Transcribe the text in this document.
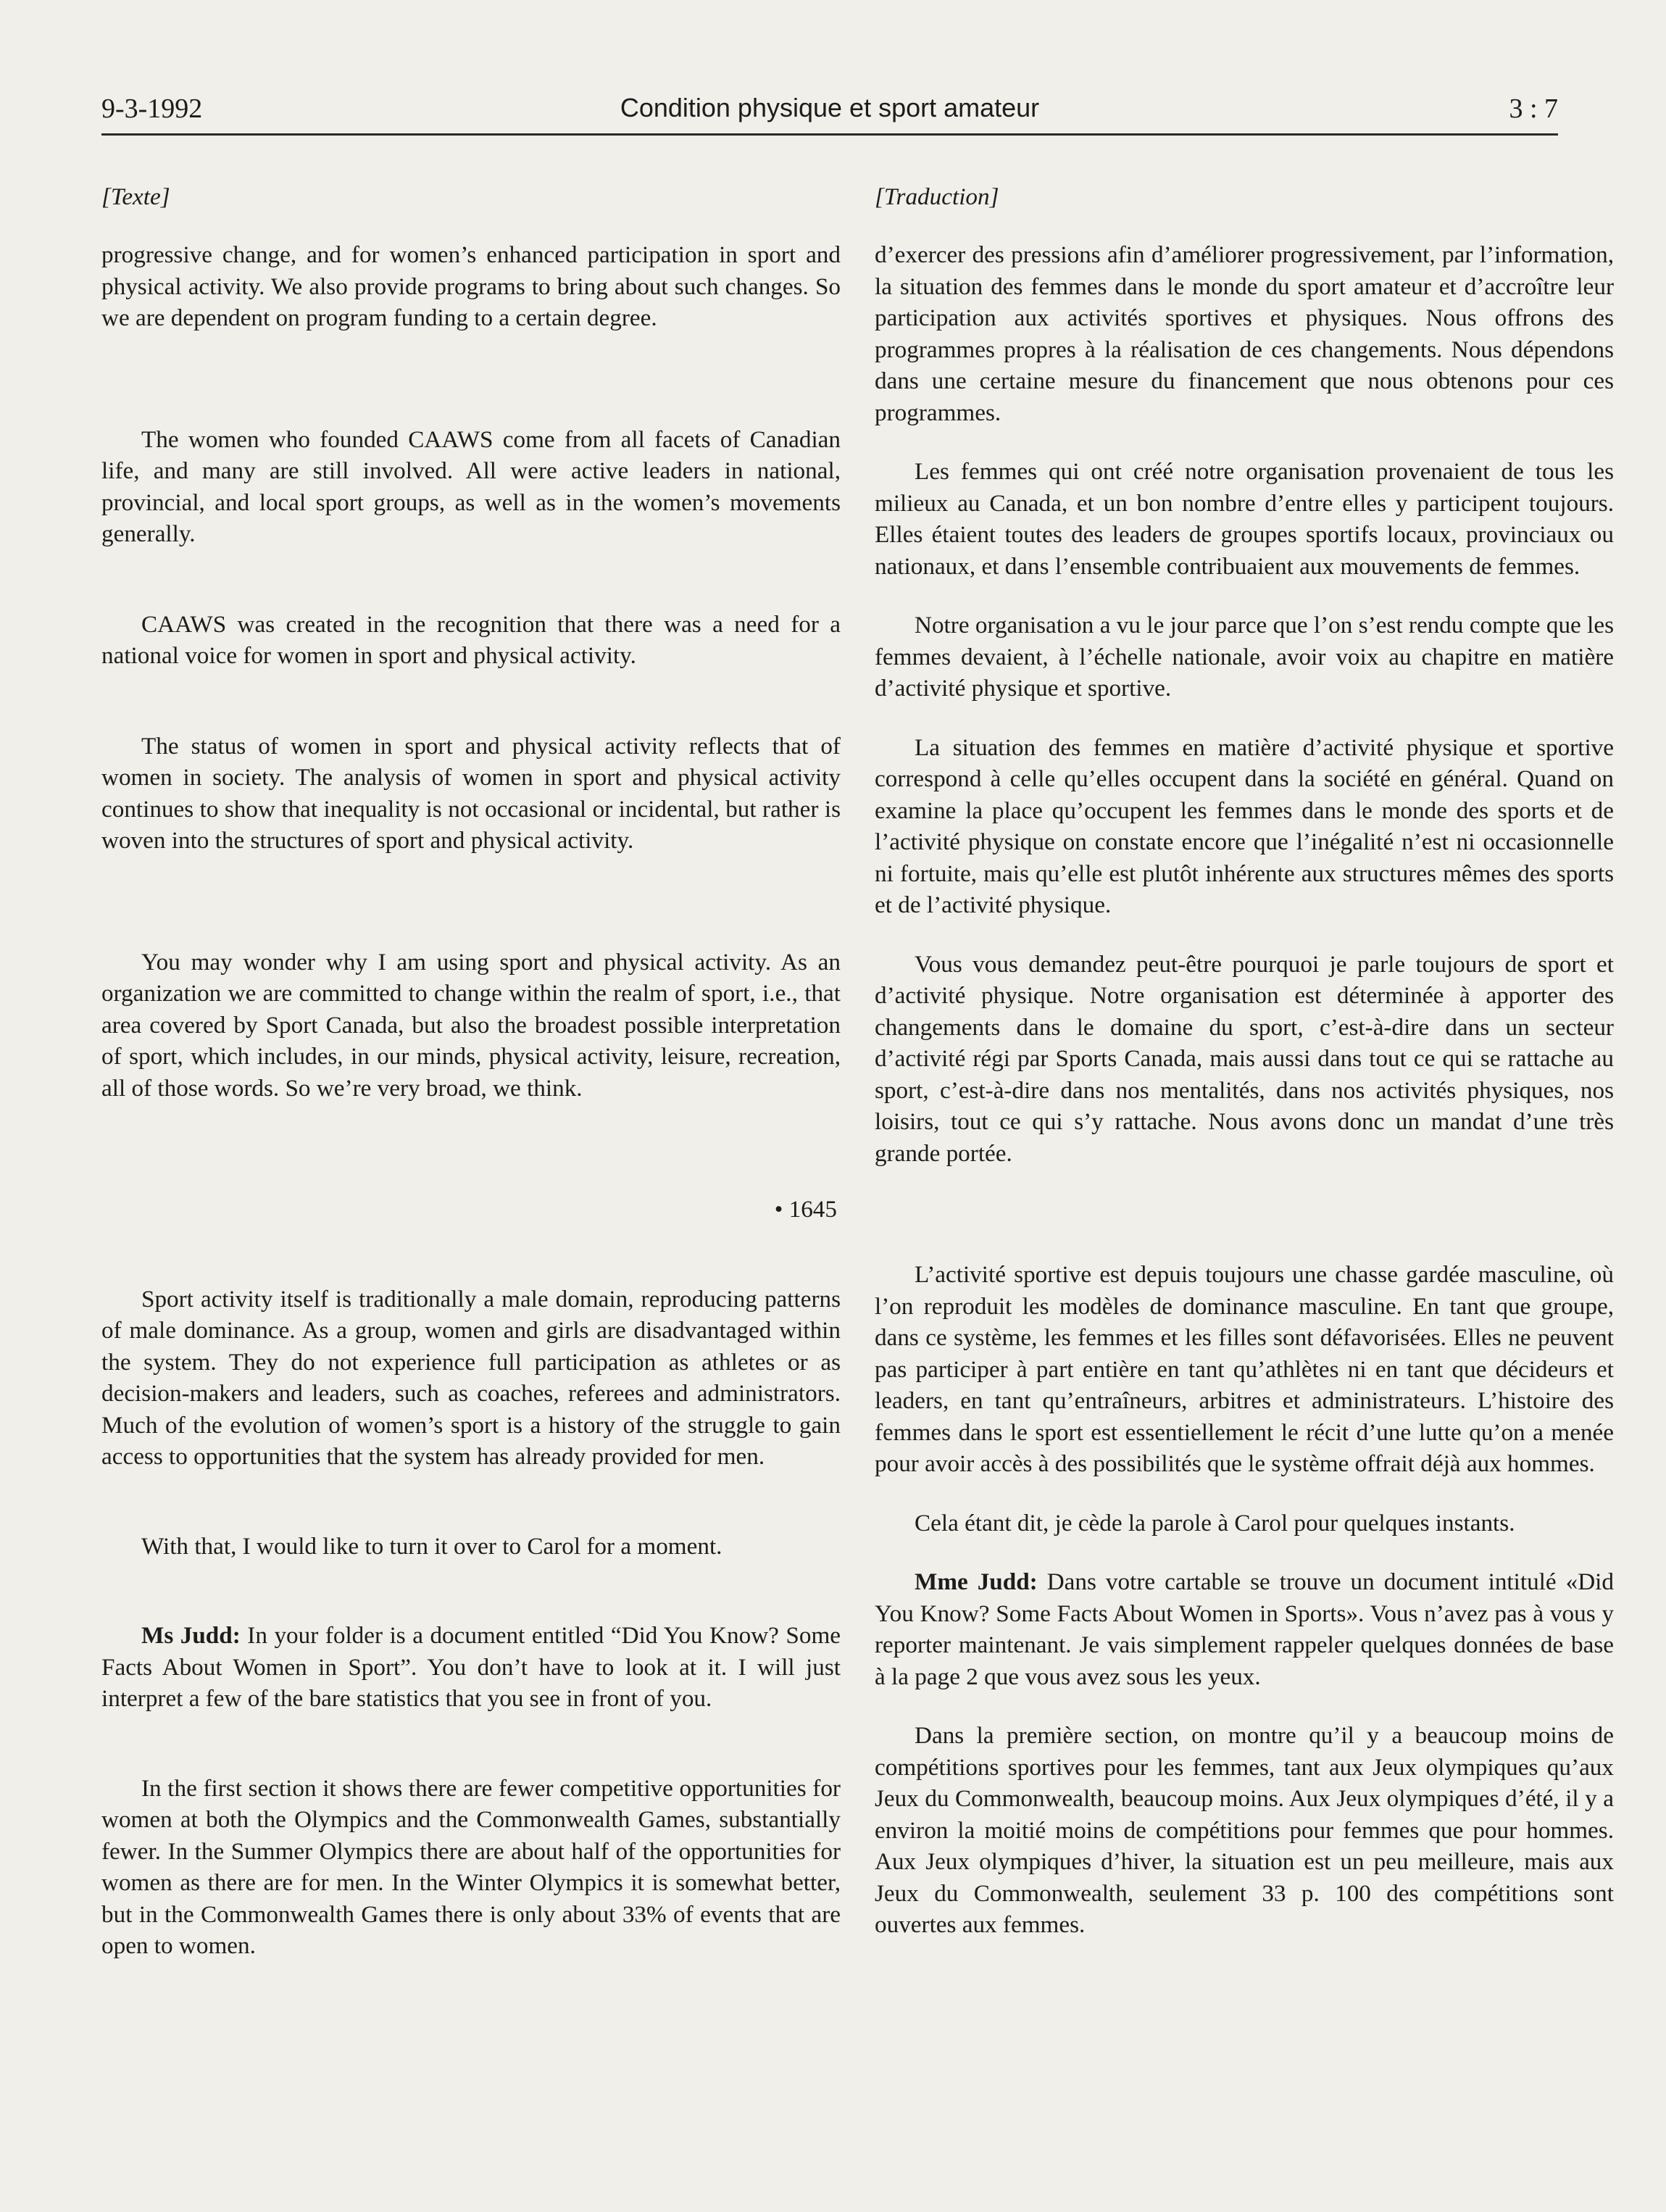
9-3-1992	Condition physique et sport amateur	3 : 7
[Texte]

progressive change, and for women’s enhanced participation in sport and physical activity. We also provide programs to bring about such changes. So we are dependent on program funding to a certain degree.

The women who founded CAAWS come from all facets of Canadian life, and many are still involved. All were active leaders in national, provincial, and local sport groups, as well as in the women’s movements generally.

CAAWS was created in the recognition that there was a need for a national voice for women in sport and physical activity.

The status of women in sport and physical activity reflects that of women in society. The analysis of women in sport and physical activity continues to show that inequality is not occasional or incidental, but rather is woven into the structures of sport and physical activity.

You may wonder why I am using sport and physical activity. As an organization we are committed to change within the realm of sport, i.e., that area covered by Sport Canada, but also the broadest possible interpretation of sport, which includes, in our minds, physical activity, leisure, recreation, all of those words. So we’re very broad, we think.

• 1645

Sport activity itself is traditionally a male domain, reproducing patterns of male dominance. As a group, women and girls are disadvantaged within the system. They do not experience full participation as athletes or as decision-makers and leaders, such as coaches, referees and administrators. Much of the evolution of women’s sport is a history of the struggle to gain access to opportunities that the system has already provided for men.

With that, I would like to turn it over to Carol for a moment.

Ms Judd: In your folder is a document entitled “Did You Know? Some Facts About Women in Sport”. You don’t have to look at it. I will just interpret a few of the bare statistics that you see in front of you.

In the first section it shows there are fewer competitive opportunities for women at both the Olympics and the Commonwealth Games, substantially fewer. In the Summer Olympics there are about half of the opportunities for women as there are for men. In the Winter Olympics it is somewhat better, but in the Commonwealth Games there is only about 33% of events that are open to women.

[Traduction]

d’exercer des pressions afin d’améliorer progressivement, par l’information, la situation des femmes dans le monde du sport amateur et d’accroître leur participation aux activités sportives et physiques. Nous offrons des programmes propres à la réalisation de ces changements. Nous dépendons dans une certaine mesure du financement que nous obtenons pour ces programmes.

Les femmes qui ont créé notre organisation provenaient de tous les milieux au Canada, et un bon nombre d’entre elles y participent toujours. Elles étaient toutes des leaders de groupes sportifs locaux, provinciaux ou nationaux, et dans l’ensemble contribuaient aux mouvements de femmes.

Notre organisation a vu le jour parce que l’on s’est rendu compte que les femmes devaient, à l’échelle nationale, avoir voix au chapitre en matière d’activité physique et sportive.

La situation des femmes en matière d’activité physique et sportive correspond à celle qu’elles occupent dans la société en général. Quand on examine la place qu’occupent les femmes dans le monde des sports et de l’activité physique on constate encore que l’inégalité n’est ni occasionnelle ni fortuite, mais qu’elle est plutôt inhérente aux structures mêmes des sports et de l’activité physique.

Vous vous demandez peut-être pourquoi je parle toujours de sport et d’activité physique. Notre organisation est déterminée à apporter des changements dans le domaine du sport, c’est-à-dire dans un secteur d’activité régi par Sports Canada, mais aussi dans tout ce qui se rattache au sport, c’est-à-dire dans nos mentalités, dans nos activités physiques, nos loisirs, tout ce qui s’y rattache. Nous avons donc un mandat d’une très grande portée.

L’activité sportive est depuis toujours une chasse gardée masculine, où l’on reproduit les modèles de dominance masculine. En tant que groupe, dans ce système, les femmes et les filles sont défavorisées. Elles ne peuvent pas participer à part entière en tant qu’athlètes ni en tant que décideurs et leaders, en tant qu’entraîneurs, arbitres et administrateurs. L’histoire des femmes dans le sport est essentiellement le récit d’une lutte qu’on a menée pour avoir accès à des possibilités que le système offrait déjà aux hommes.

Cela étant dit, je cède la parole à Carol pour quelques instants.

Mme Judd: Dans votre cartable se trouve un document intitulé «Did You Know? Some Facts About Women in Sports». Vous n’avez pas à vous y reporter maintenant. Je vais simplement rappeler quelques données de base à la page 2 que vous avez sous les yeux.

Dans la première section, on montre qu’il y a beaucoup moins de compétitions sportives pour les femmes, tant aux Jeux olympiques qu’aux Jeux du Commonwealth, beaucoup moins. Aux Jeux olympiques d’été, il y a environ la moitié moins de compétitions pour femmes que pour hommes. Aux Jeux olympiques d’hiver, la situation est un peu meilleure, mais aux Jeux du Commonwealth, seulement 33 p. 100 des compétitions sont ouvertes aux femmes.
